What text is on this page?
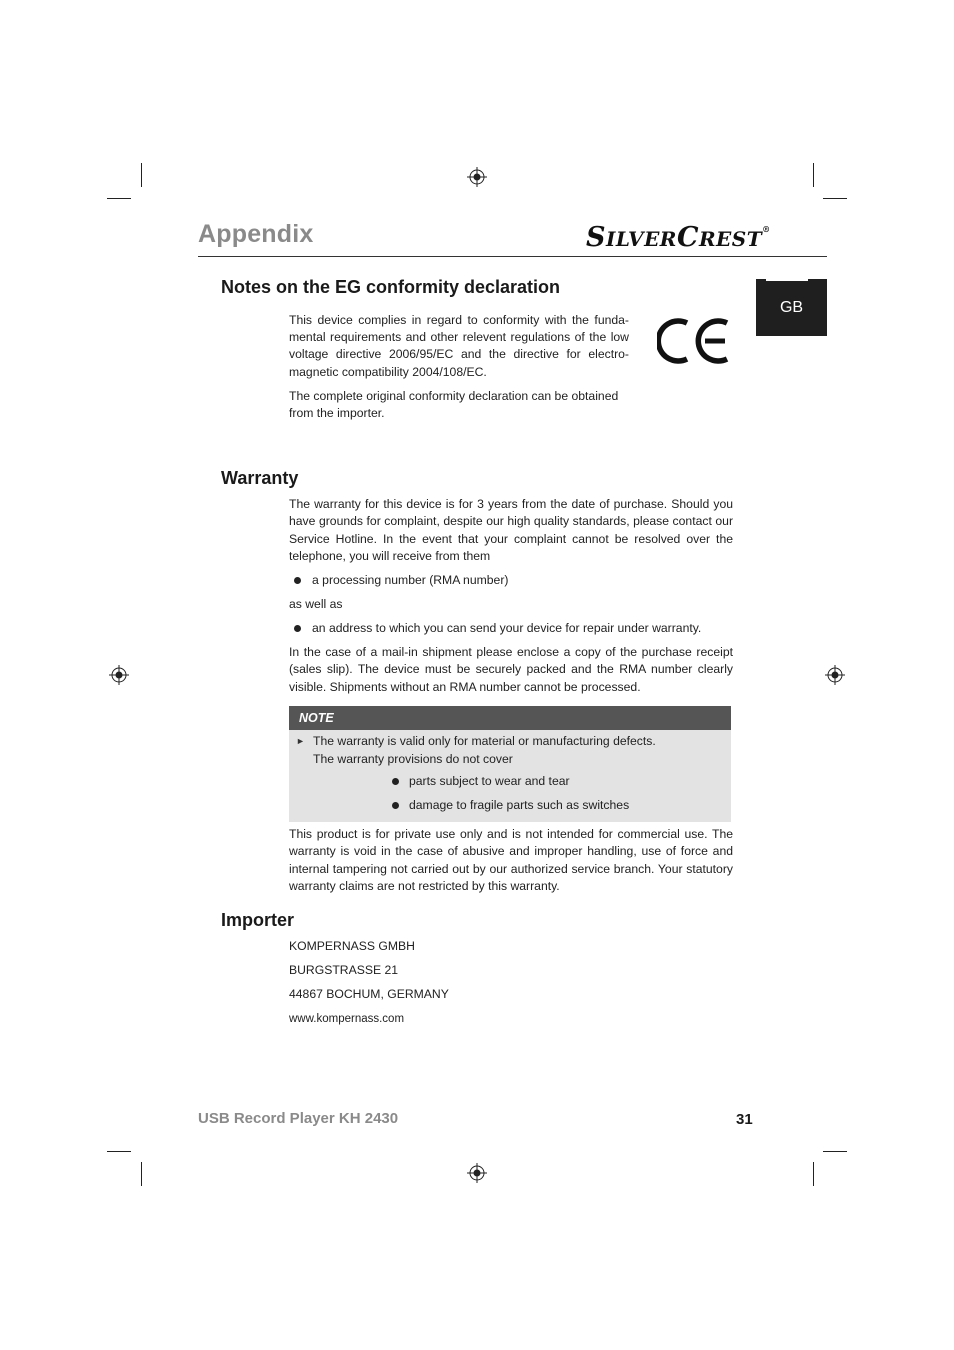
Appendix	SILVERCREST®
GB
Notes on the EG conformity declaration

This device complies in regard to conformity with the funda-

mental requirements and other relevent regulations of the low

voltage directive 2006/95/EC and the directive for electro-

magnetic compatibility 2004/108/EC.

The complete original conformity declaration can be obtained from the importer.

Warranty

The warranty for this device is for 3 years from the date of purchase. Should you have grounds for complaint, despite our high quality standards, please contact our Service Hotline. In the event that your complaint cannot be resolved over the telephone, you will receive from them

a processing number (RMA number)

as well as

an address to which you can send your device for repair under warranty.

In the case of a mail-in shipment please enclose a copy of the purchase receipt (sales slip). The device must be securely packed and the RMA number clearly visible. Shipments without an RMA number cannot be processed.

NOTE
► The warranty is valid only for material or manufacturing defects.

The warranty provisions do not cover

parts subject to wear and tear

damage to fragile parts such as switches

This product is for private use only and is not intended for commercial use. The warranty is void in the case of abusive and improper handling, use of force and internal tampering not carried out by our authorized service branch. Your statutory warranty claims are not restricted by this warranty.

Importer

KOMPERNASS GMBH

BURGSTRASSE 21

44867 BOCHUM, GERMANY

www.kompernass.com

USB Record Player KH 2430	31
